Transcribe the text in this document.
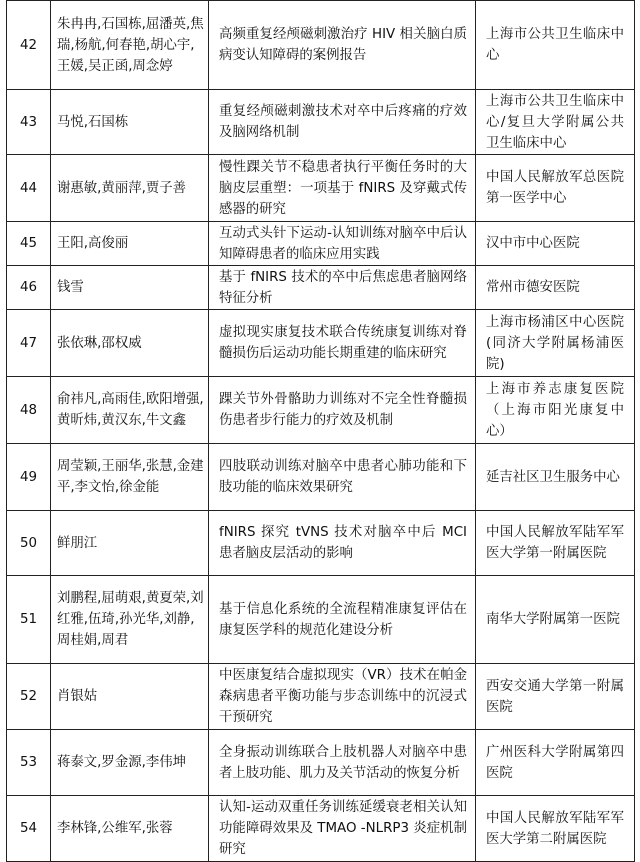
42	朱冉冉,石国栋,屈潘英,焦瑞,杨航,何春艳,胡心宇,王媛,吴正函,周念婷	高频重复经颅磁刺激治疗 HIV 相关脑白质病变认知障碍的案例报告	上海市公共卫生临床中心
43	马悦,石国栋	重复经颅磁刺激技术对卒中后疼痛的疗效及脑网络机制	上海市公共卫生临床中心/复旦大学附属公共卫生临床中心
44	谢惠敏,黄丽萍,贾子善	慢性踝关节不稳患者执行平衡任务时的大脑皮层重塑：一项基于 fNIRS 及穿戴式传感器的研究	中国人民解放军总医院第一医学中心
45	王阳,高俊丽	互动式头针下运动-认知训练对脑卒中后认知障碍患者的临床应用实践	汉中市中心医院
46	钱雪	基于 fNIRS 技术的卒中后焦虑患者脑网络特征分析	常州市德安医院
47	张依琳,邵权威	虚拟现实康复技术联合传统康复训练对脊髓损伤后运动功能长期重建的临床研究	上海市杨浦区中心医院(同济大学附属杨浦医院)
48	俞祎凡,高雨佳,欧阳增强,黄昕炜,黄汉东,牛文鑫	踝关节外骨骼助力训练对不完全性脊髓损伤患者步行能力的疗效及机制	上海市养志康复医院（上海市阳光康复中心）
49	周莹颖,王丽华,张慧,金建平,李文怡,徐金能	四肢联动训练对脑卒中患者心肺功能和下肢功能的临床效果研究	延吉社区卫生服务中心
50	鲜朋江	fNIRS 探究 tVNS 技术对脑卒中后 MCI 患者脑皮层活动的影响	中国人民解放军陆军军医大学第一附属医院
51	刘鹏程,屈萌艰,黄夏荣,刘红雅,伍琦,孙光华,刘静,周桂娟,周君	基于信息化系统的全流程精准康复评估在康复医学科的规范化建设分析	南华大学附属第一医院
52	肖银姑	中医康复结合虚拟现实（VR）技术在帕金森病患者平衡功能与步态训练中的沉浸式干预研究	西安交通大学第一附属医院
53	蒋泰文,罗金源,李伟坤	全身振动训练联合上肢机器人对脑卒中患者上肢功能、肌力及关节活动的恢复分析	广州医科大学附属第四医院
54	李林锋,公维军,张蓉	认知-运动双重任务训练延缓衰老相关认知功能障碍效果及 TMAO -NLRP3 炎症机制研究	中国人民解放军陆军军医大学第二附属医院
